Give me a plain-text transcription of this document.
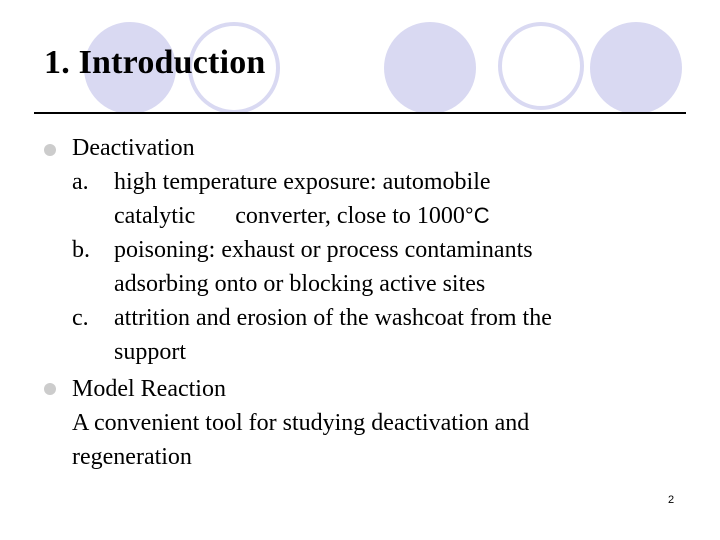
1. Introduction
Deactivation
a. high temperature exposure: automobile
catalytic converter, close to 1000°C
b. poisoning: exhaust or process contaminants
adsorbing onto or blocking active sites
c. attrition and erosion of the washcoat from the
support
Model Reaction
A convenient tool for studying deactivation and
regeneration
2
